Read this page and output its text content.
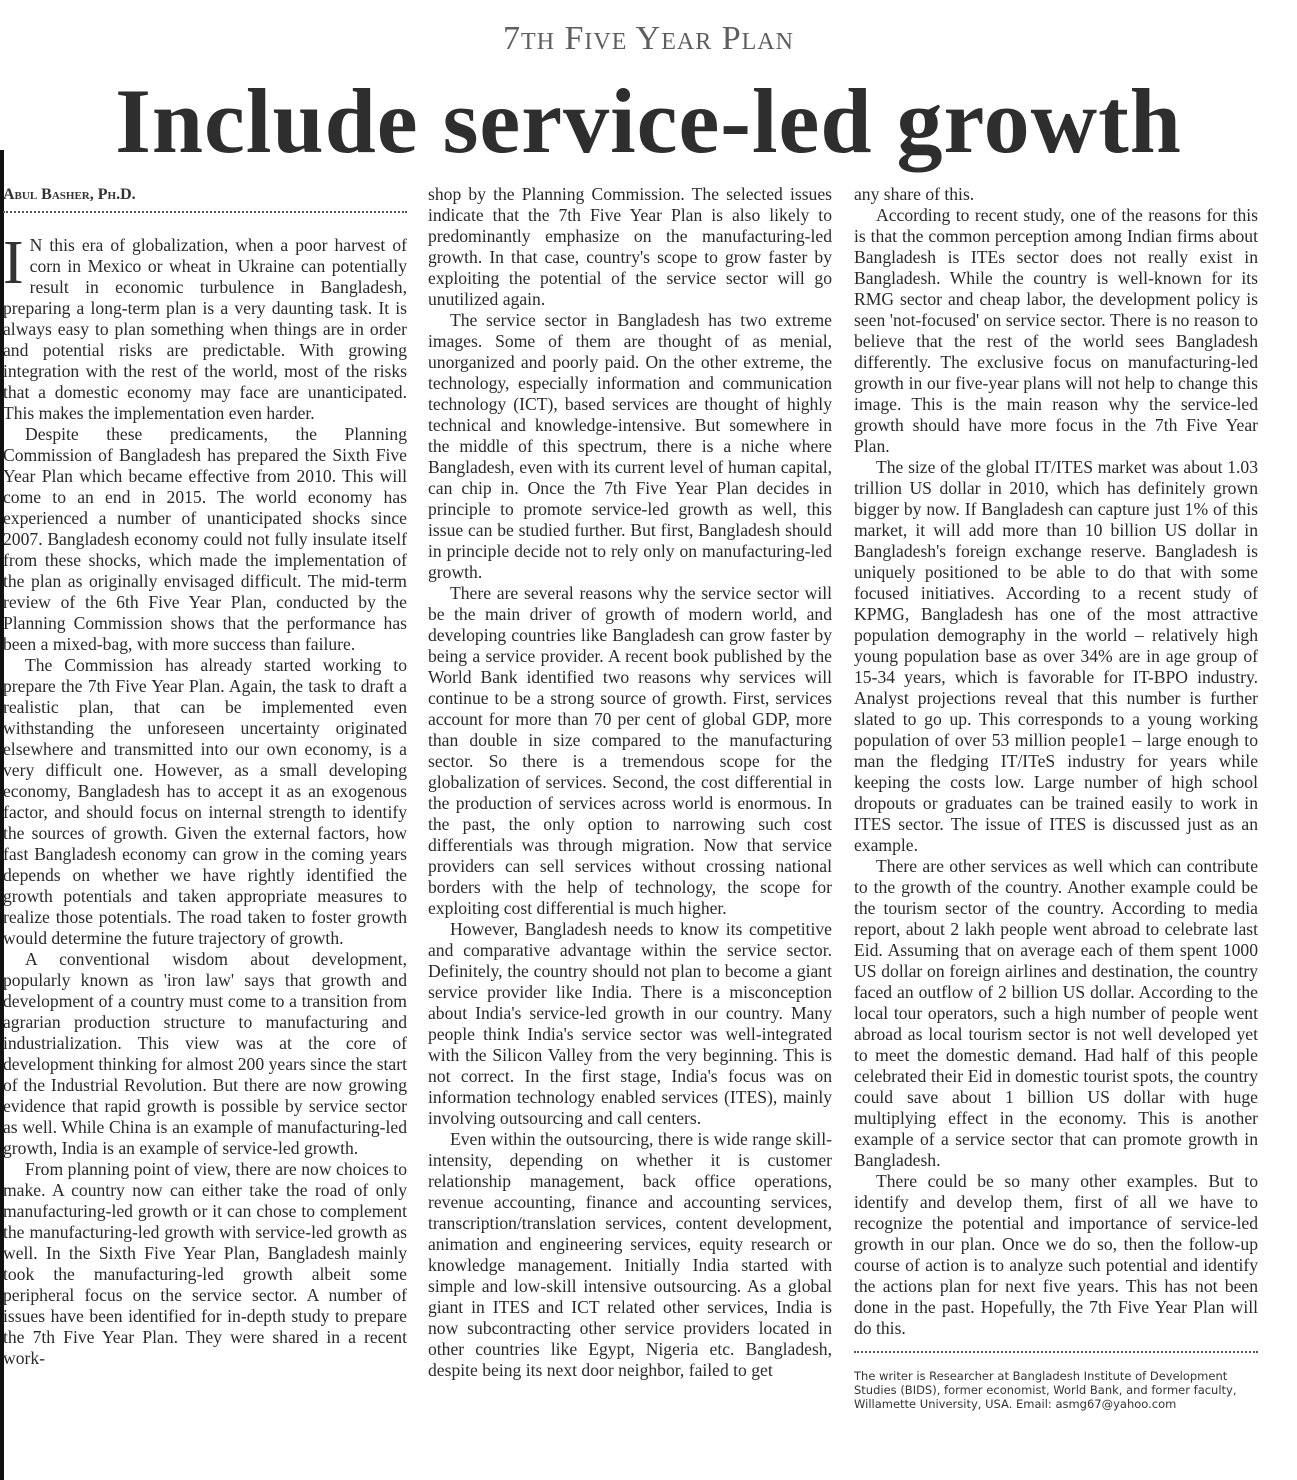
7th Five Year Plan
Include service-led growth

Abul Basher, Ph.D.

I N this era of globalization, when a poor harvest of corn in Mexico or wheat in Ukraine can potentially result in economic turbulence in Bangladesh, preparing a long-term plan is a very daunting task. It is always easy to plan something when things are in order and potential risks are predictable. With growing integration with the rest of the world, most of the risks that a domestic economy may face are unanticipated. This makes the implementation even harder.

Despite these predicaments, the Planning Commission of Bangladesh has prepared the Sixth Five Year Plan which became effective from 2010. This will come to an end in 2015. The world economy has experienced a number of unanticipated shocks since 2007. Bangladesh economy could not fully insulate itself from these shocks, which made the implementation of the plan as originally envisaged difficult. The mid-term review of the 6th Five Year Plan, conducted by the Planning Commission shows that the performance has been a mixed-bag, with more success than failure.

The Commission has already started working to prepare the 7th Five Year Plan. Again, the task to draft a realistic plan, that can be implemented even withstanding the unforeseen uncertainty originated elsewhere and transmitted into our own economy, is a very difficult one. However, as a small developing economy, Bangladesh has to accept it as an exogenous factor, and should focus on internal strength to identify the sources of growth. Given the external factors, how fast Bangladesh economy can grow in the coming years depends on whether we have rightly identified the growth potentials and taken appropriate measures to realize those potentials. The road taken to foster growth would determine the future trajectory of growth.

A conventional wisdom about development, popularly known as 'iron law' says that growth and development of a country must come to a transition from agrarian production structure to manufacturing and industrialization. This view was at the core of development thinking for almost 200 years since the start of the Industrial Revolution. But there are now growing evidence that rapid growth is possible by service sector as well. While China is an example of manufacturing-led growth, India is an example of service-led growth.

From planning point of view, there are now choices to make. A country now can either take the road of only manufacturing-led growth or it can chose to complement the manufacturing-led growth with service-led growth as well. In the Sixth Five Year Plan, Bangladesh mainly took the manufacturing-led growth albeit some peripheral focus on the service sector. A number of issues have been identified for in-depth study to prepare the 7th Five Year Plan. They were shared in a recent work-

shop by the Planning Commission. The selected issues indicate that the 7th Five Year Plan is also likely to predominantly emphasize on the manufacturing-led growth. In that case, country's scope to grow faster by exploiting the potential of the service sector will go unutilized again.

The service sector in Bangladesh has two extreme images. Some of them are thought of as menial, unorganized and poorly paid. On the other extreme, the technology, especially information and communication technology (ICT), based services are thought of highly technical and knowledge-intensive. But somewhere in the middle of this spectrum, there is a niche where Bangladesh, even with its current level of human capital, can chip in. Once the 7th Five Year Plan decides in principle to promote service-led growth as well, this issue can be studied further. But first, Bangladesh should in principle decide not to rely only on manufacturing-led growth.

There are several reasons why the service sector will be the main driver of growth of modern world, and developing countries like Bangladesh can grow faster by being a service provider. A recent book published by the World Bank identified two reasons why services will continue to be a strong source of growth. First, services account for more than 70 per cent of global GDP, more than double in size compared to the manufacturing sector. So there is a tremendous scope for the globalization of services. Second, the cost differential in the production of services across world is enormous. In the past, the only option to narrowing such cost differentials was through migration. Now that service providers can sell services without crossing national borders with the help of technology, the scope for exploiting cost differential is much higher.

However, Bangladesh needs to know its competitive and comparative advantage within the service sector. Definitely, the country should not plan to become a giant service provider like India. There is a misconception about India's service-led growth in our country. Many people think India's service sector was well-integrated with the Silicon Valley from the very beginning. This is not correct. In the first stage, India's focus was on information technology enabled services (ITES), mainly involving outsourcing and call centers.

Even within the outsourcing, there is wide range skill-intensity, depending on whether it is customer relationship management, back office operations, revenue accounting, finance and accounting services, transcription/translation services, content development, animation and engineering services, equity research or knowledge management. Initially India started with simple and low-skill intensive outsourcing. As a global giant in ITES and ICT related other services, India is now subcontracting other service providers located in other countries like Egypt, Nigeria etc. Bangladesh, despite being its next door neighbor, failed to get

any share of this.

According to recent study, one of the reasons for this is that the common perception among Indian firms about Bangladesh is ITEs sector does not really exist in Bangladesh. While the country is well-known for its RMG sector and cheap labor, the development policy is seen 'not-focused' on service sector. There is no reason to believe that the rest of the world sees Bangladesh differently. The exclusive focus on manufacturing-led growth in our five-year plans will not help to change this image. This is the main reason why the service-led growth should have more focus in the 7th Five Year Plan.

The size of the global IT/ITES market was about 1.03 trillion US dollar in 2010, which has definitely grown bigger by now. If Bangladesh can capture just 1% of this market, it will add more than 10 billion US dollar in Bangladesh's foreign exchange reserve. Bangladesh is uniquely positioned to be able to do that with some focused initiatives. According to a recent study of KPMG, Bangladesh has one of the most attractive population demography in the world – relatively high young population base as over 34% are in age group of 15-34 years, which is favorable for IT-BPO industry. Analyst projections reveal that this number is further slated to go up. This corresponds to a young working population of over 53 million people1 – large enough to man the fledging IT/ITeS industry for years while keeping the costs low. Large number of high school dropouts or graduates can be trained easily to work in ITES sector. The issue of ITES is discussed just as an example.

There are other services as well which can contribute to the growth of the country. Another example could be the tourism sector of the country. According to media report, about 2 lakh people went abroad to celebrate last Eid. Assuming that on average each of them spent 1000 US dollar on foreign airlines and destination, the country faced an outflow of 2 billion US dollar. According to the local tour operators, such a high number of people went abroad as local tourism sector is not well developed yet to meet the domestic demand. Had half of this people celebrated their Eid in domestic tourist spots, the country could save about 1 billion US dollar with huge multiplying effect in the economy. This is another example of a service sector that can promote growth in Bangladesh.

There could be so many other examples. But to identify and develop them, first of all we have to recognize the potential and importance of service-led growth in our plan. Once we do so, then the follow-up course of action is to analyze such potential and identify the actions plan for next five years. This has not been done in the past. Hopefully, the 7th Five Year Plan will do this.

The writer is Researcher at Bangladesh Institute of Development Studies (BIDS), former economist, World Bank, and former faculty, Willamette University, USA. Email: asmg67@yahoo.com
